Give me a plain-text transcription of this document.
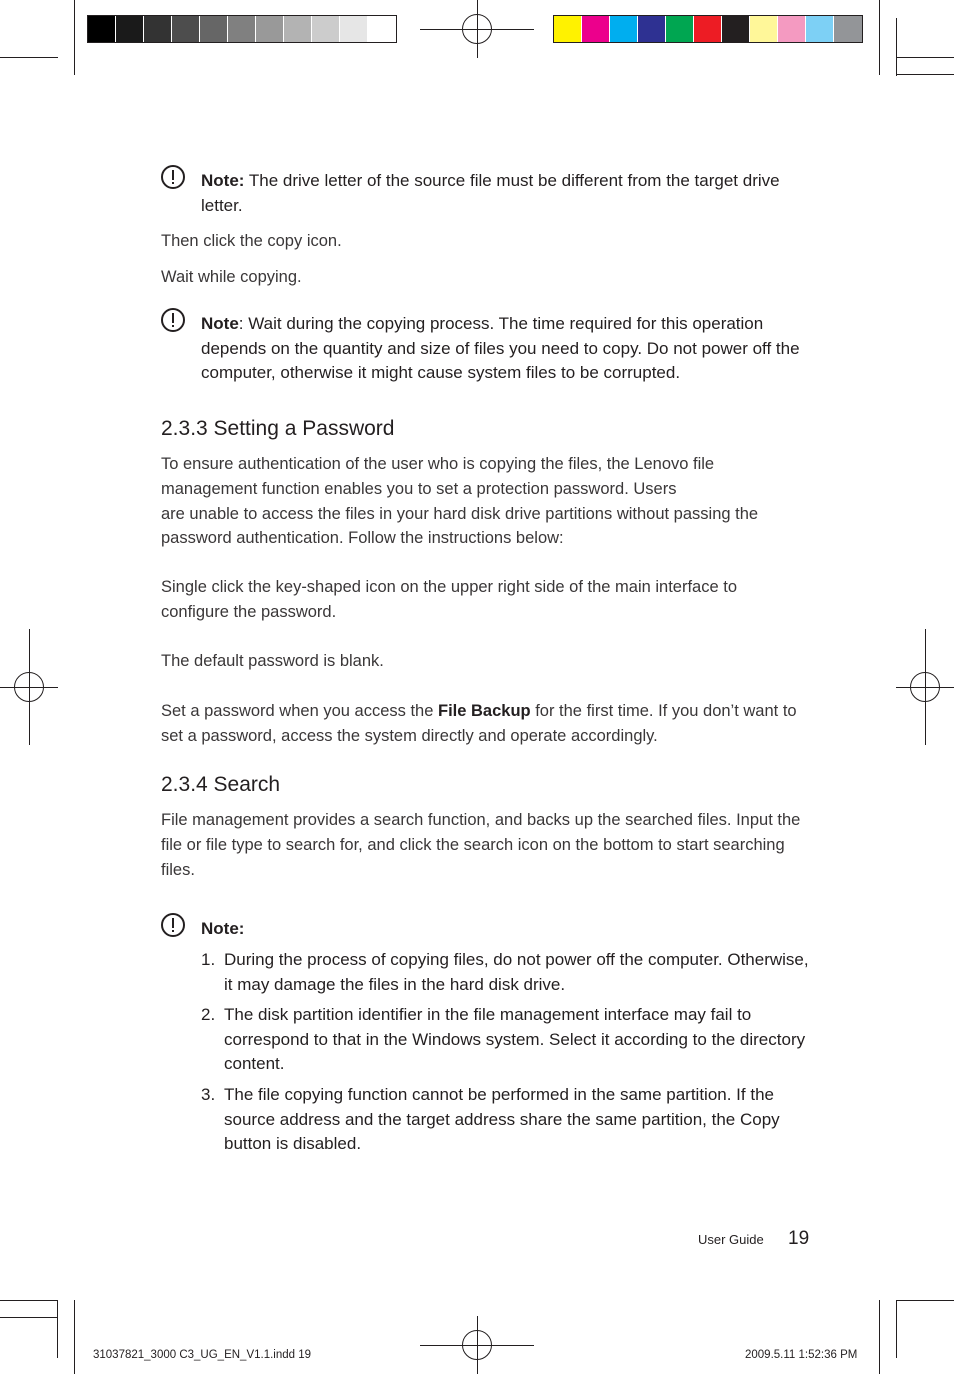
Note: The drive letter of the source file must be different from the target drive letter.
Then click the copy icon.
Wait while copying.
Note: Wait during the copying process. The time required for this operation depends on the quantity and size of files you need to copy. Do not power off the computer, otherwise it might cause system files to be corrupted.
2.3.3 Setting a Password
To ensure authentication of the user who is copying the files, the Lenovo file
management function enables you to set a protection password. Users
are unable to access the files in your hard disk drive partitions without passing the
password authentication. Follow the instructions below:
Single click the key-shaped icon on the upper right side of the main interface to configure the password.
The default password is blank.
Set a password when you access the File Backup for the first time. If you don’t want to set a password, access the system directly and operate accordingly.
2.3.4 Search
File management provides a search function, and backs up the searched files. Input the file or file type to search for, and click the search icon on the bottom to start searching files.
Note:
1. During the process of copying files, do not power off the computer. Otherwise, it may damage the files in the hard disk drive.
2. The disk partition identifier in the file management interface may fail to correspond to that in the Windows system. Select it according to the directory content.
3. The file copying function cannot be performed in the same partition. If the source address and the target address share the same partition, the Copy button is disabled.
User Guide 19
31037821_3000 C3_UG_EN_V1.1.indd 19	2009.5.11 1:52:36 PM
